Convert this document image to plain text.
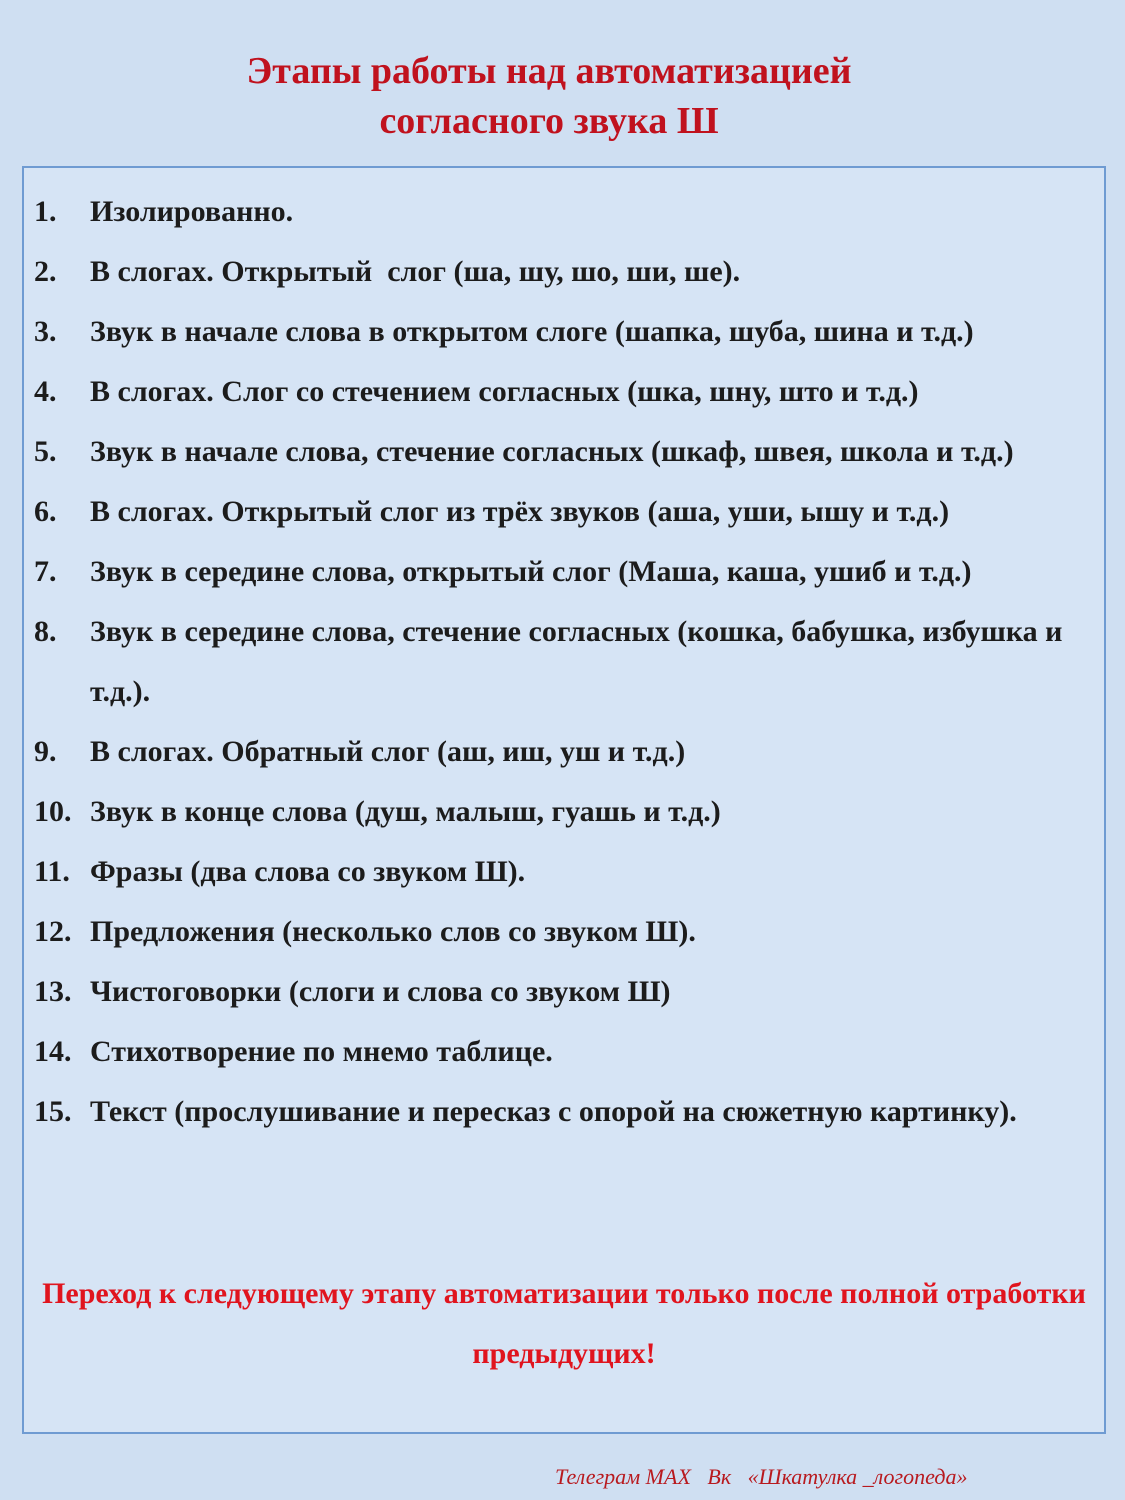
Этапы работы над автоматизацией
согласного звука Ш
1. Изолированно.
2. В слогах. Открытый  слог (ша, шу, шо, ши, ше).
3. Звук в начале слова в открытом слоге (шапка, шуба, шина и т.д.)
4. В слогах. Слог со стечением согласных (шка, шну, што и т.д.)
5. Звук в начале слова, стечение согласных (шкаф, швея, школа и т.д.)
6. В слогах. Открытый слог из трёх звуков (аша, уши, ышу и т.д.)
7. Звук в середине слова, открытый слог (Маша, каша, ушиб и т.д.)
8. Звук в середине слова, стечение согласных (кошка, бабушка, избушка и т.д.).
9. В слогах. Обратный слог (аш, иш, уш и т.д.)
10. Звук в конце слова (душ, малыш, гуашь и т.д.)
11. Фразы (два слова со звуком Ш).
12. Предложения (несколько слов со звуком Ш).
13. Чистоговорки (слоги и слова со звуком Ш)
14. Стихотворение по мнемо таблице.
15. Текст (прослушивание и пересказ с опорой на сюжетную картинку).
Переход к следующему этапу автоматизации только после полной отработки предыдущих!
Телеграм MAX   Вк   «Шкатулка _логопеда»
